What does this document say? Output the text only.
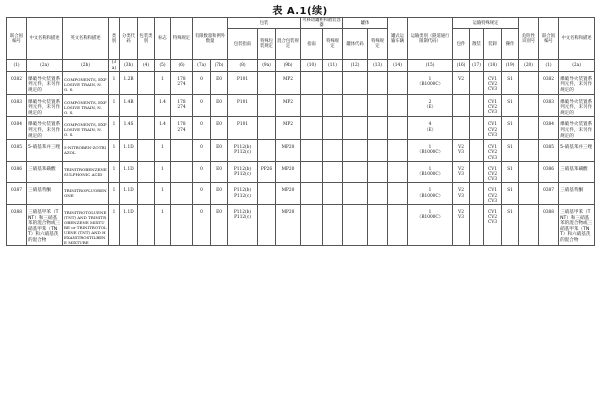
表 A.1(续)
联合国编号	中文名称和描述	英文名称和描述	类别	分类代码	包装类别	标志	特殊规定	有限数量和例外数量		包装			可移动罐柜和散装容器		罐体		罐式运输车辆	运输类别（隧道通行限制代码）	运输特殊规定				危险性识别号	联合国编号	中文名称和描述
										包装指南	特殊包装规定	混合包装规定	指南	特殊规定	罐体代码	特殊规定			包件	散装	装卸	操作			
(1)	(2a)	(2b)	(3a)	(3b)	(4)	(5)	(6)	(7a)	(7b)	(8)	(9a)	(9b)	(10)	(11)	(12)	(13)	(14)	(15)	(16)	(17)	(18)	(19)	(20)	(1)	(2a)
0382	爆破导火装置系列元件，未另作规定的	COMPONENTS, EXPLOSIVE TRAIN, N. O. S.	1	1.2B		1	178
274	0	E0	P101		MP2						1
（B1000C）	V2		CV1
CV2
CV3	S1		0382	爆破导火装置系列元件，未另作规定的
0383	爆破导火装置系列元件，未另作规定的	COMPONENTS, EXPLOSIVE TRAIN, N. O. S.	1	1.4B		1.4	178
274	0	E0	P101		MP2						2
（E）			CV1
CV2
CV3	S1		0383	爆破导火装置系列元件，未另作规定的
0384	爆破导火装置系列元件，未另作规定的	COMPONENTS, EXPLOSIVE TRAIN, N. O. S.	1	1.4S		1.4	178
274	0	E0	P101		MP2						4
（E）			CV1
CV2
CV3	S1		0384	爆破导火装置系列元件，未另作规定的
0385	5-硝基苯并三唑	5-NITROBEN-ZOTRIAZOL	1	1.1D		1		0	E0	P112(b)
P112(c)		MP20						1
（B1000C）	V2
V3		CV1
CV2
CV3	S1		0385	5-硝基苯并三唑
0386	三硝基苯磺酸	TRINITROBENZENESULPHONIC ACID	1	1.1D		1		0	E0	P112(b)
P112(c)	PP26	MP20						1
（B1000C）	V2
V3		CV1
CV2
CV3	S1		0386	三硝基苯磺酸
0387	三硝基芴酮	TRINITROFLUORENONE	1	1.1D		1		0	E0	P112(b)
P112(c)		MP20						1
（B1000C）	V2
V3		CV1
CV2
CV3	S1		0387	三硝基芴酮
0388	三硝基甲苯（TNT）和三硝基苯的混合物或三硝基甲苯（TNT）和六硝基芪的混合物	TRINITROTOLUENE (TNT) AND TRINITROBENZENE MIXTURE or TRINITROTOLUENE (TNT) AND HEXANITROSTILBENE MIXTURE	1	1.1D		1		0	E0	P112(b)
P112(c)		MP20						1
（B1000C）	V2
V3		CV1
CV2
CV3	S1		0388	三硝基甲苯（TNT）和三硝基苯的混合物或三硝基甲苯（TNT）和六硝基芪的混合物
